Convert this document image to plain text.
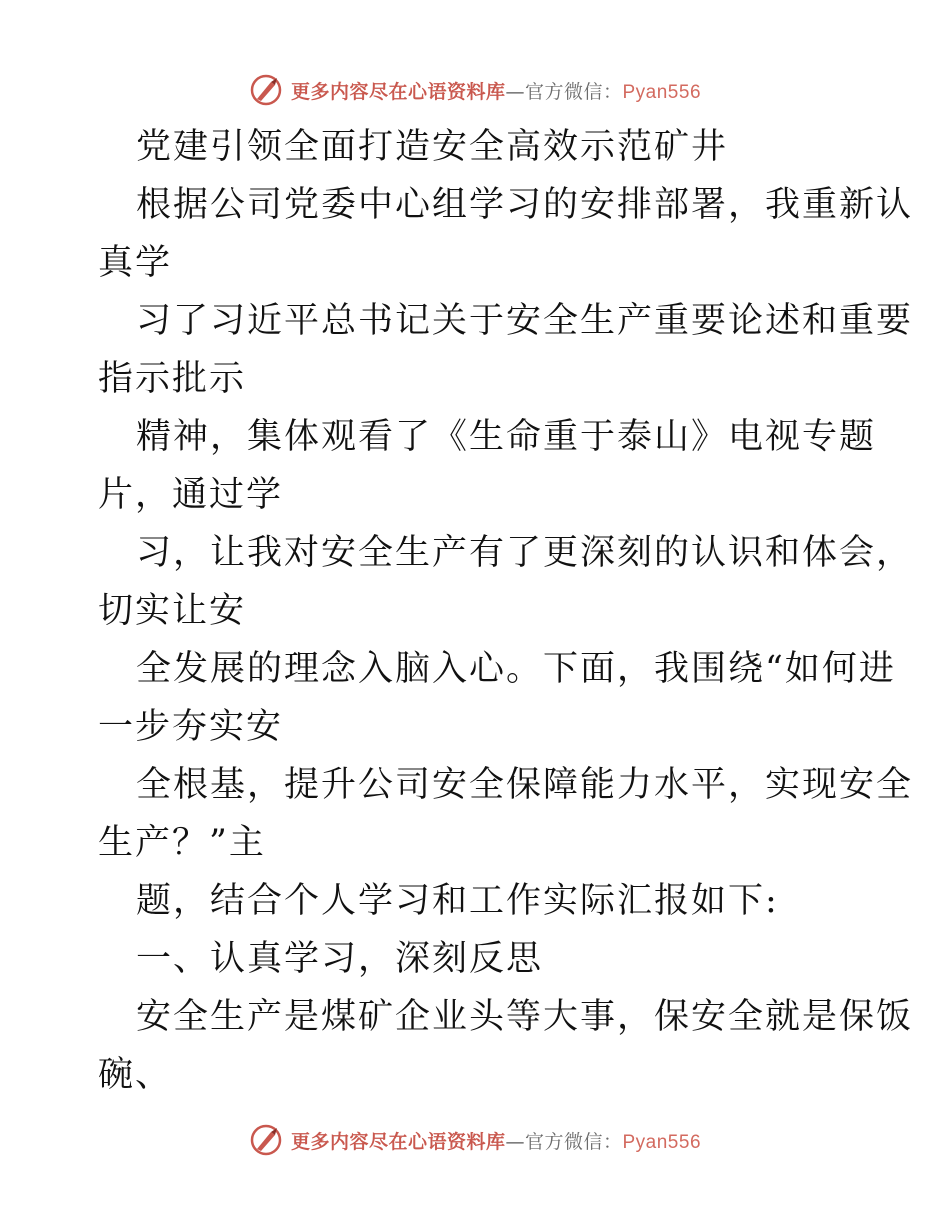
更多内容尽在心语资料库—官方微信：Pyan556
党建引领全面打造安全高效示范矿井
根据公司党委中心组学习的安排部署，我重新认
真学
习了习近平总书记关于安全生产重要论述和重要
指示批示
精神，集体观看了《生命重于泰山》电视专题
片，通过学
习，让我对安全生产有了更深刻的认识和体会，
切实让安
全发展的理念入脑入心。下面，我围绕“如何进
一步夯实安
全根基，提升公司安全保障能力水平，实现安全
生产？”主
题，结合个人学习和工作实际汇报如下:
一、认真学习，深刻反思
安全生产是煤矿企业头等大事，保安全就是保饭
碗、
更多内容尽在心语资料库—官方微信：Pyan556
